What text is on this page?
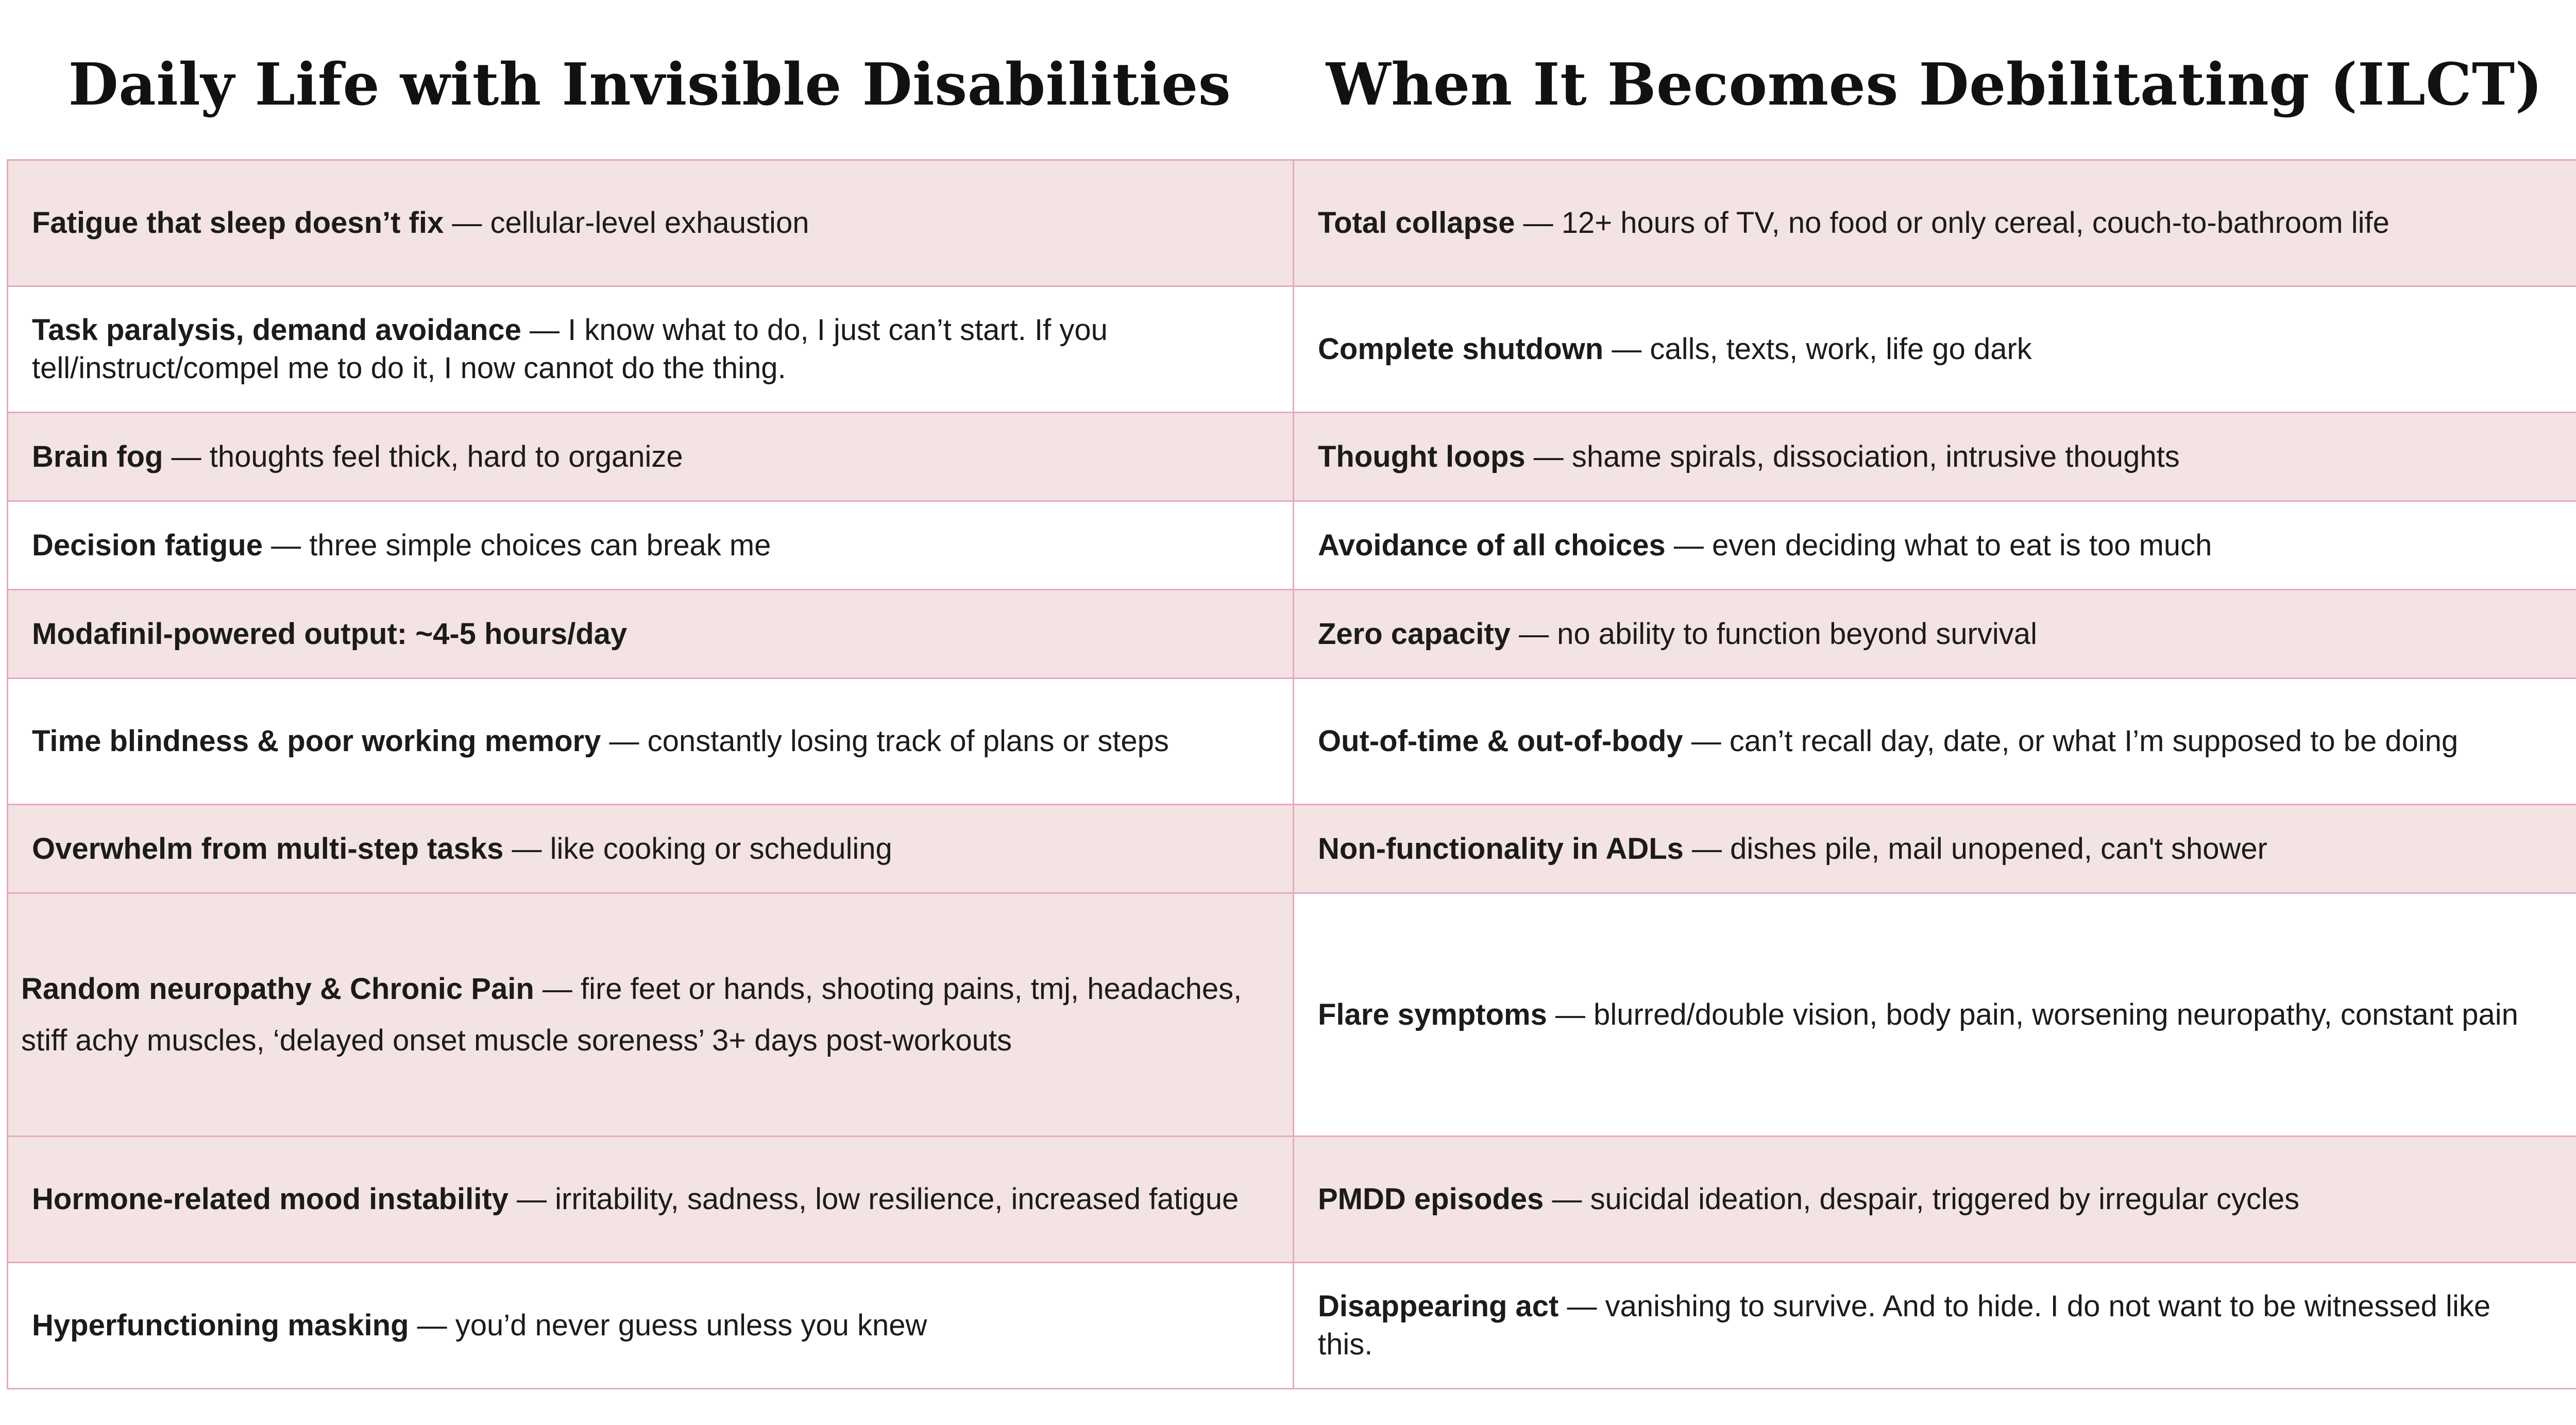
Daily Life with Invisible Disabilities	When It Becomes Debilitating (ILCT)
Fatigue that sleep doesn’t fix — cellular-level exhaustion	Total collapse — 12+ hours of TV, no food or only cereal, couch-to-bathroom life
Task paralysis, demand avoidance — I know what to do, I just can’t start. If you tell/instruct/compel me to do it, I now cannot do the thing.	Complete shutdown — calls, texts, work, life go dark
Brain fog — thoughts feel thick, hard to organize	Thought loops — shame spirals, dissociation, intrusive thoughts
Decision fatigue — three simple choices can break me	Avoidance of all choices — even deciding what to eat is too much
Modafinil-powered output: ~4-5 hours/day	Zero capacity — no ability to function beyond survival
Time blindness & poor working memory — constantly losing track of plans or steps	Out-of-time & out-of-body — can’t recall day, date, or what I’m supposed to be doing
Overwhelm from multi-step tasks — like cooking or scheduling	Non-functionality in ADLs — dishes pile, mail unopened, can't shower
Random neuropathy & Chronic Pain — fire feet or hands, shooting pains, tmj, headaches, stiff achy muscles, ‘delayed onset muscle soreness’ 3+ days post-workouts	Flare symptoms — blurred/double vision, body pain, worsening neuropathy, constant pain
Hormone-related mood instability — irritability, sadness, low resilience, increased fatigue	PMDD episodes — suicidal ideation, despair, triggered by irregular cycles
Hyperfunctioning masking — you’d never guess unless you knew	Disappearing act — vanishing to survive. And to hide. I do not want to be witnessed like this.
